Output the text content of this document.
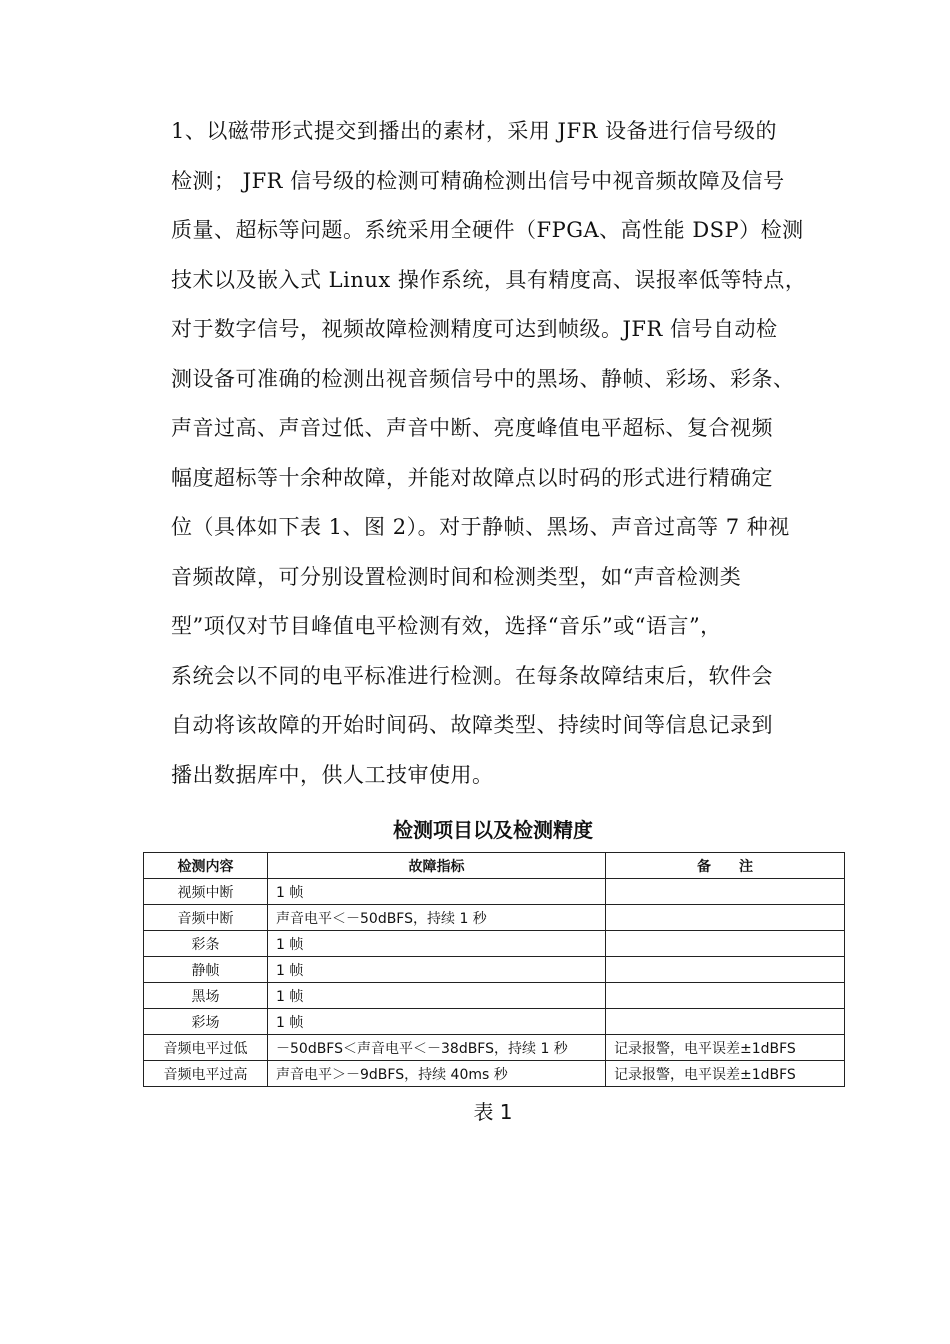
1、以磁带形式提交到播出的素材，采用 JFR 设备进行信号级的
检测； JFR 信号级的检测可精确检测出信号中视音频故障及信号
质量、超标等问题。系统采用全硬件（FPGA、高性能 DSP）检测
技术以及嵌入式 Linux 操作系统，具有精度高、误报率低等特点，
对于数字信号，视频故障检测精度可达到帧级。JFR 信号自动检
测设备可准确的检测出视音频信号中的黑场、静帧、彩场、彩条、
声音过高、声音过低、声音中断、亮度峰值电平超标、复合视频
幅度超标等十余种故障，并能对故障点以时码的形式进行精确定
位（具体如下表 1、图 2）。对于静帧、黑场、声音过高等 7 种视
音频故障，可分别设置检测时间和检测类型，如“声音检测类
型”项仅对节目峰值电平检测有效，选择“音乐”或“语言”，
系统会以不同的电平标准进行检测。在每条故障结束后，软件会
自动将该故障的开始时间码、故障类型、持续时间等信息记录到
播出数据库中，供人工技审使用。
检测项目以及检测精度
检测内容	故障指标	备　　注
视频中断	1 帧	
音频中断	声音电平＜－50dBFS，持续 1 秒	
彩条	1 帧	
静帧	1 帧	
黑场	1 帧	
彩场	1 帧	
音频电平过低	－50dBFS＜声音电平＜－38dBFS，持续 1 秒	记录报警，电平误差±1dBFS
音频电平过高	声音电平＞－9dBFS，持续 40ms 秒	记录报警，电平误差±1dBFS
表 1
